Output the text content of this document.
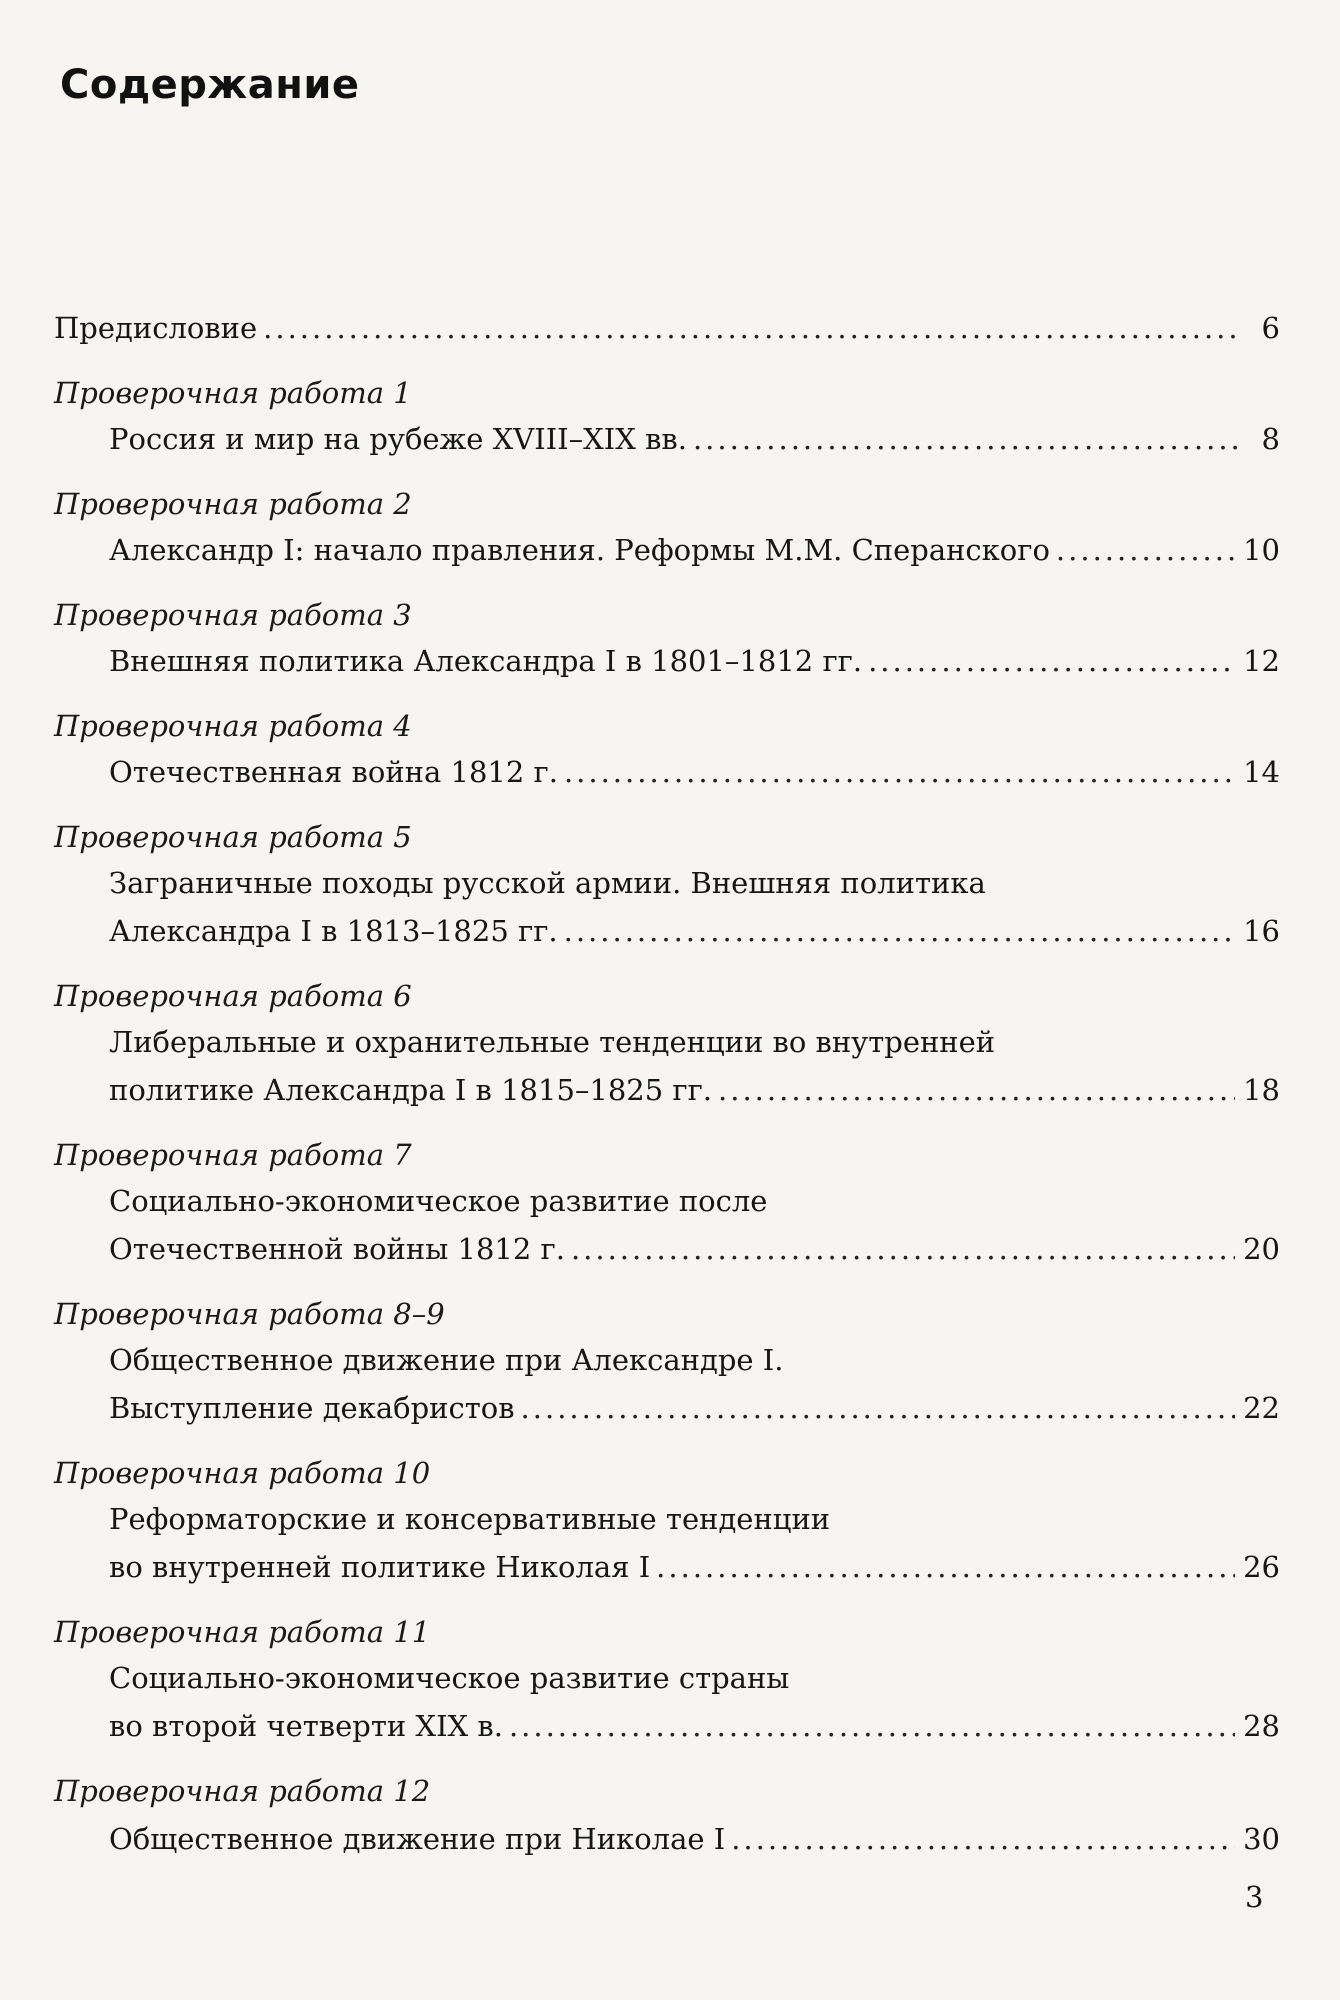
Содержание
Предисловие .....	6
Проверочная работа 1
Россия и мир на рубеже XVIII–XIX вв. .....	8
Проверочная работа 2
Александр I: начало правления. Реформы М.М. Сперанского .....	10
Проверочная работа 3
Внешняя политика Александра I в 1801–1812 гг. .....	12
Проверочная работа 4
Отечественная война 1812 г. .....	14
Проверочная работа 5
Заграничные походы русской армии. Внешняя политика
Александра I в 1813–1825 гг. .....	16
Проверочная работа 6
Либеральные и охранительные тенденции во внутренней
политике Александра I в 1815–1825 гг. .....	18
Проверочная работа 7
Социально-экономическое развитие после
Отечественной войны 1812 г. .....	20
Проверочная работа 8–9
Общественное движение при Александре I.
Выступление декабристов .....	22
Проверочная работа 10
Реформаторские и консервативные тенденции
во внутренней политике Николая I .....	26
Проверочная работа 11
Социально-экономическое развитие страны
во второй четверти XIX в. .....	28
Проверочная работа 12
Общественное движение при Николае I .....	30
3
